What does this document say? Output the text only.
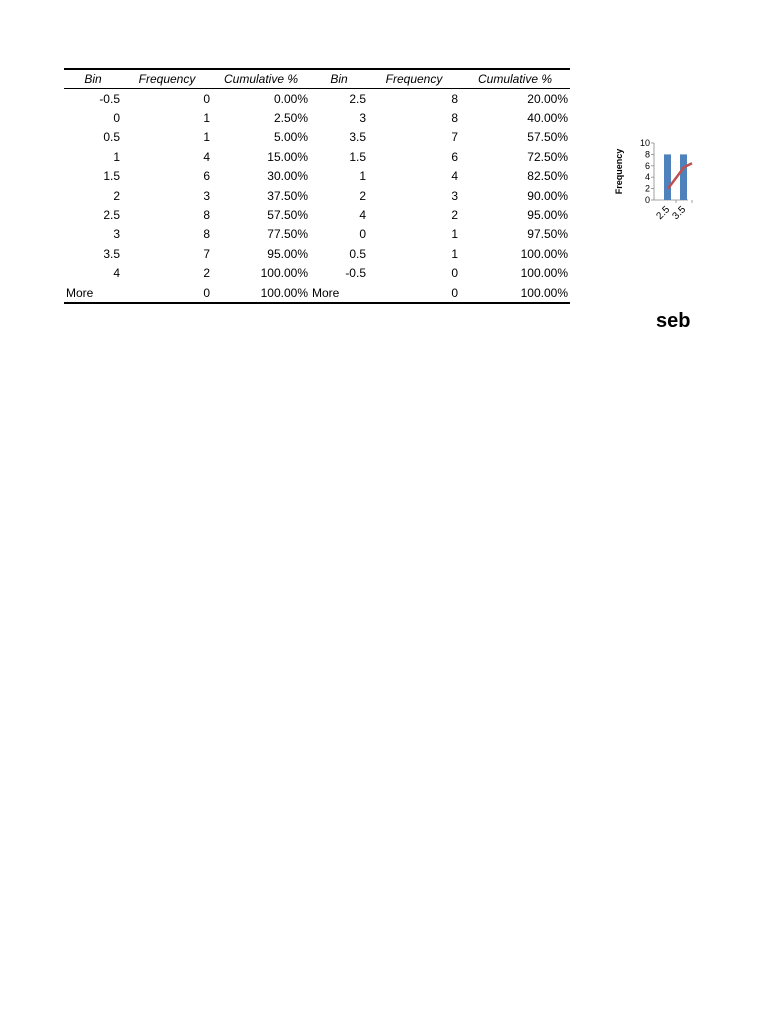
Bin	Frequency	Cumulative %	Bin	Frequency	Cumulative %
-0.5	0	0.00%	2.5	8	20.00%
0	1	2.50%	3	8	40.00%
0.5	1	5.00%	3.5	7	57.50%
1	4	15.00%	1.5	6	72.50%
1.5	6	30.00%	1	4	82.50%
2	3	37.50%	2	3	90.00%
2.5	8	57.50%	4	2	95.00%
3	8	77.50%	0	1	97.50%
3.5	7	95.00%	0.5	1	100.00%
4	2	100.00%	-0.5	0	100.00%
More	0	100.00%	More	0	100.00%
10
8
6
4
2
0
Frequency
2.5
3.5
seb
